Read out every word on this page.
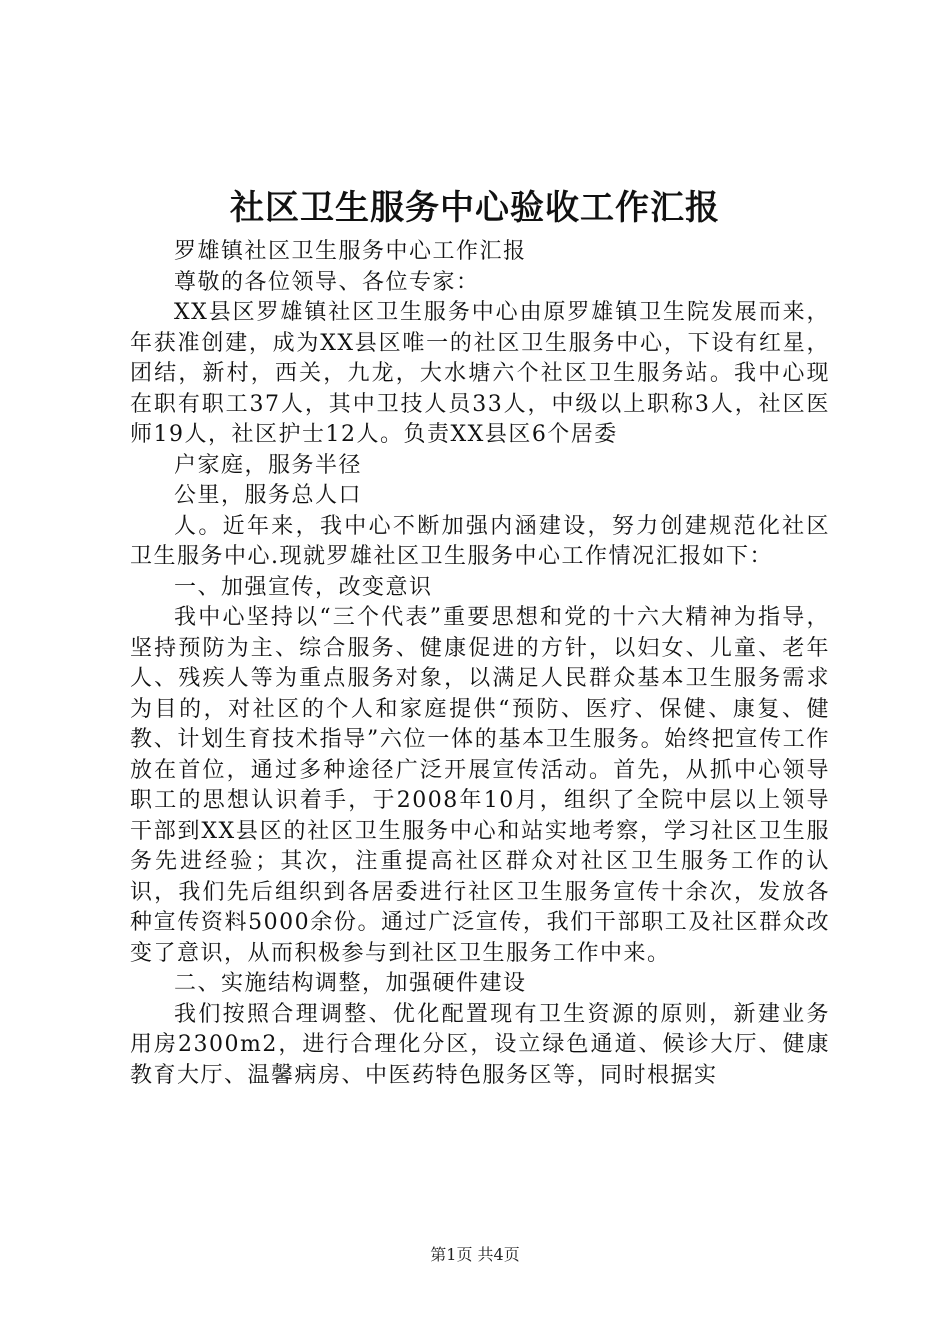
社区卫生服务中心验收工作汇报

罗雄镇社区卫生服务中心工作汇报

尊敬的各位领导、各位专家：

XX县区罗雄镇社区卫生服务中心由原罗雄镇卫生院发展而来，年获准创建，成为XX县区唯一的社区卫生服务中心，下设有红星，团结，新村，西关，九龙，大水塘六个社区卫生服务站。我中心现在职有职工37人，其中卫技人员33人，中级以上职称3人，社区医师19人，社区护士12人。负责XX县区6个居委

户家庭，服务半径

公里，服务总人口

人。近年来，我中心不断加强内涵建设，努力创建规范化社区卫生服务中心.现就罗雄社区卫生服务中心工作情况汇报如下：

一、加强宣传，改变意识

我中心坚持以“三个代表”重要思想和党的十六大精神为指导，坚持预防为主、综合服务、健康促进的方针，以妇女、儿童、老年人、残疾人等为重点服务对象，以满足人民群众基本卫生服务需求为目的，对社区的个人和家庭提供“预防、医疗、保健、康复、健教、计划生育技术指导”六位一体的基本卫生服务。始终把宣传工作放在首位，通过多种途径广泛开展宣传活动。首先，从抓中心领导职工的思想认识着手，于2008年10月，组织了全院中层以上领导干部到XX县区的社区卫生服务中心和站实地考察，学习社区卫生服务先进经验；其次，注重提高社区群众对社区卫生服务工作的认识，我们先后组织到各居委进行社区卫生服务宣传十余次，发放各种宣传资料5000余份。通过广泛宣传，我们干部职工及社区群众改变了意识，从而积极参与到社区卫生服务工作中来。

二、实施结构调整，加强硬件建设

我们按照合理调整、优化配置现有卫生资源的原则，新建业务用房2300m2，进行合理化分区，设立绿色通道、候诊大厅、健康教育大厅、温馨病房、中医药特色服务区等，同时根据实

第1页 共4页
